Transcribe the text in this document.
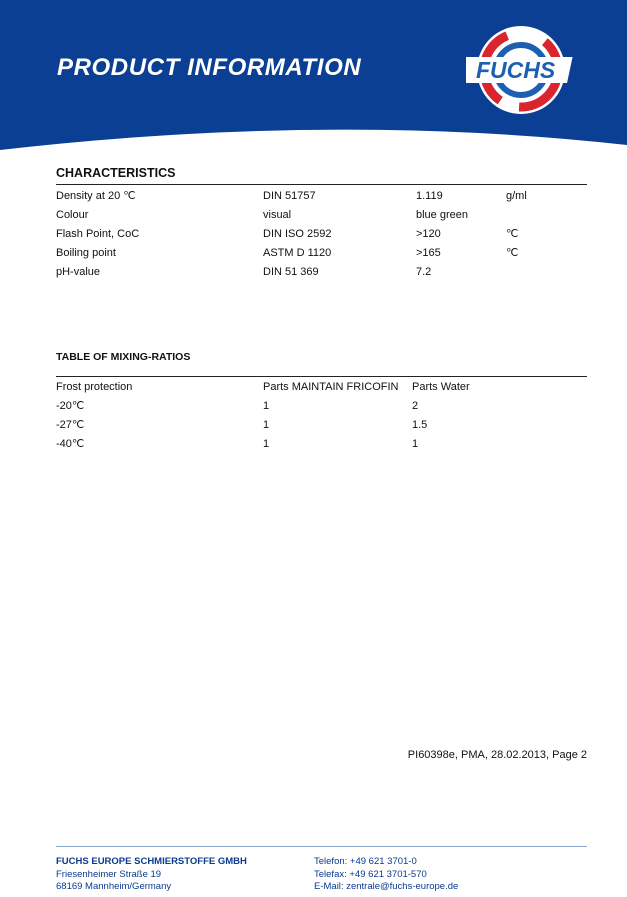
PRODUCT INFORMATION	FUCHS
CHARACTERISTICS
Density at 20 ℃	DIN 51757	1.119	g/ml
Colour	visual	blue green	
Flash Point, CoC	DIN ISO 2592	>120	℃
Boiling point	ASTM D 1120	>165	℃
pH-value	DIN 51 369	7.2	
TABLE OF MIXING-RATIOS
Frost protection	Parts MAINTAIN FRICOFIN	Parts Water
-20℃	1	2
-27℃	1	1.5
-40℃	1	1
PI60398e, PMA, 28.02.2013, Page 2
FUCHS EUROPE SCHMIERSTOFFE GMBH
Friesenheimer Straße 19
68169 Mannheim/Germany
Telefon: +49 621 3701-0
Telefax: +49 621 3701-570
E-Mail: zentrale@fuchs-europe.de
